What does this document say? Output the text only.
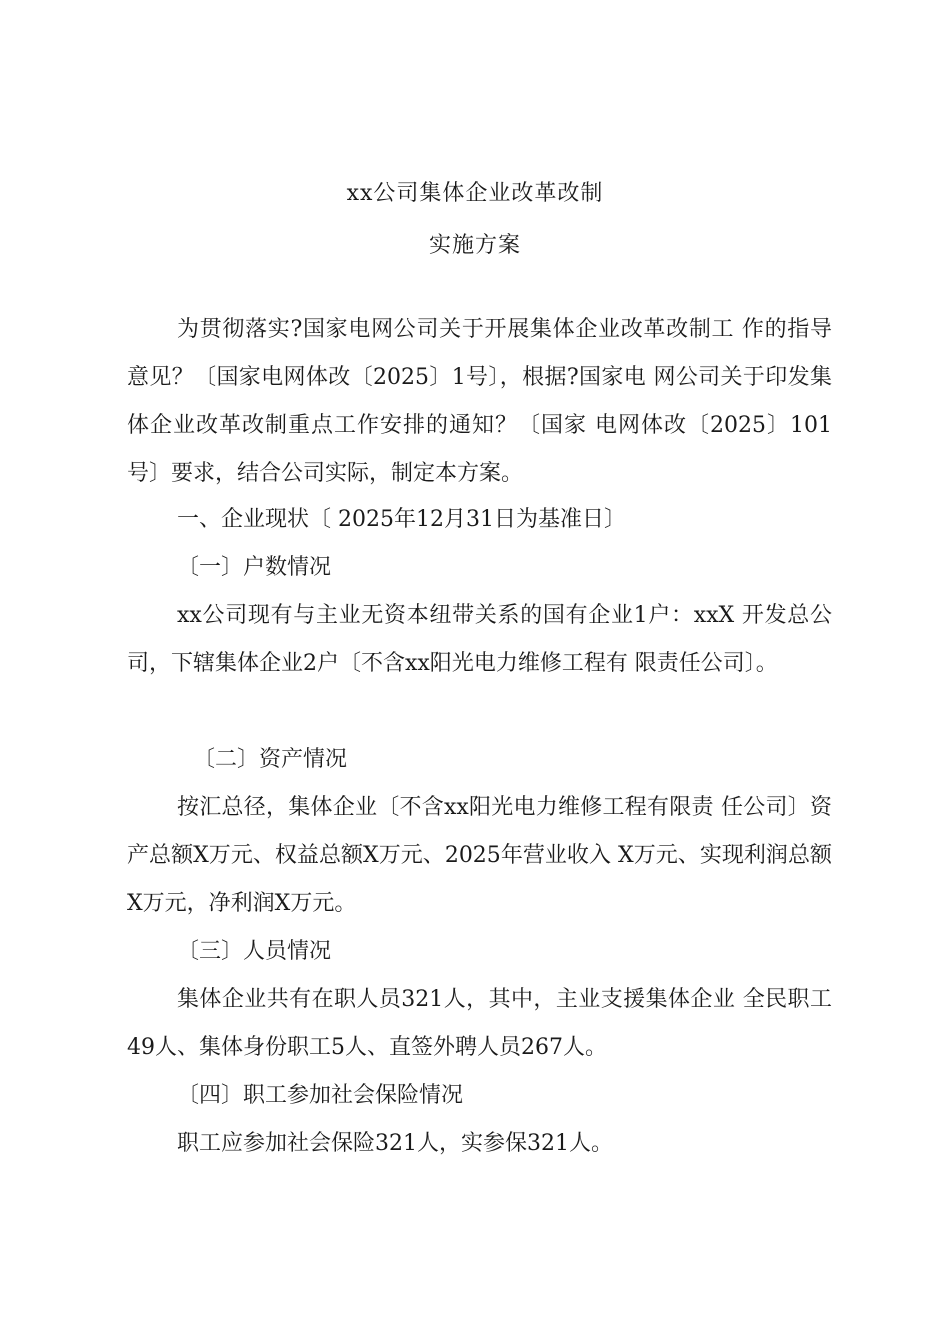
xx公司集体企业改革改制
实施方案

为贯彻落实?国家电网公司关于开展集体企业改革改制工 作的指导意见？〔国家电网体改〔2025〕1号〕，根据?国家电 网公司关于印发集体企业改革改制重点工作安排的通知？〔国家 电网体改〔2025〕101号〕要求，结合公司实际，制定本方案。

一、企业现状〔 2025年12月31日为基准日〕

〔一〕户数情况

xx公司现有与主业无资本纽带关系的国有企业1户：xxX 开发总公司，下辖集体企业2户〔不含xx阳光电力维修工程有 限责任公司〕。

〔二〕资产情况

按汇总径，集体企业〔不含xx阳光电力维修工程有限责 任公司〕资产总额X万元、权益总额X万元、2025年营业收入 X万元、实现利润总额X万元，净利润X万元。

〔三〕人员情况

集体企业共有在职人员321人，其中，主业支援集体企业 全民职工49人、集体身份职工5人、直签外聘人员267人。

〔四〕职工参加社会保险情况

职工应参加社会保险321人，实参保321人。
